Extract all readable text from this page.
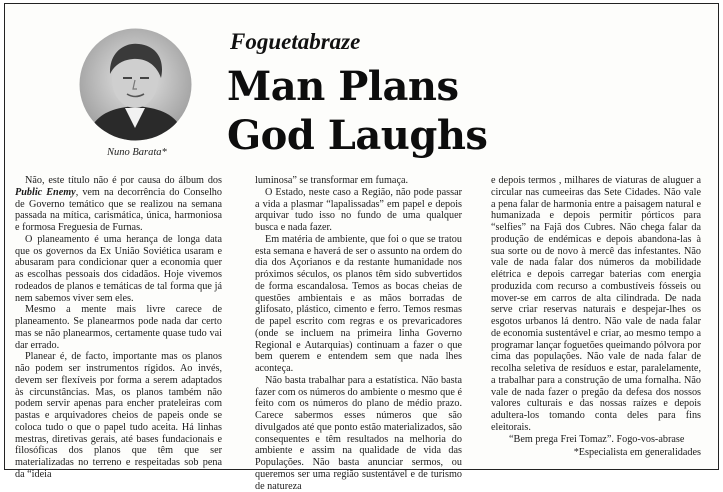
Nuno Barata*
Foguetabraze
Man Plans
God Laughs

Não, este título não é por causa do álbum dos Public Enemy, vem na decorrência do Conselho de Governo temático que se realizou na semana passada na mítica, carismática, única, harmoniosa e formosa Freguesia de Furnas.

O planeamento é uma herança de longa data que os governos da Ex União Soviética usaram e abusaram para condicionar quer a economia quer as escolhas pessoais dos cidadãos. Hoje vivemos rodeados de planos e temáticas de tal forma que já nem sabemos viver sem eles.

Mesmo a mente mais livre carece de planeamento. Se planearmos pode nada dar certo mas se não planearmos, certamente quase tudo vai dar errado.

Planear é, de facto, importante mas os planos não podem ser instrumentos rígidos. Ao invés, devem ser flexíveis por forma a serem adaptados às circunstâncias. Mas, os planos também não podem servir apenas para encher prateleiras com pastas e arquivadores cheios de papeis onde se coloca tudo o que o papel tudo aceita. Há linhas mestras, diretivas gerais, até bases fundacionais e filosóficas dos planos que têm que ser materializadas no terreno e respeitadas sob pena da “ideia

luminosa” se transformar em fumaça.

O Estado, neste caso a Região, não pode passar a vida a plasmar “lapalissadas” em papel e depois arquivar tudo isso no fundo de uma qualquer busca e nada fazer.

Em matéria de ambiente, que foi o que se tratou esta semana e haverá de ser o assunto na ordem do dia dos Açorianos e da restante humanidade nos próximos séculos, os planos têm sido subvertidos de forma escandalosa. Temos as bocas cheias de questões ambientais e as mãos borradas de glifosato, plástico, cimento e ferro. Temos resmas de papel escrito com regras e os prevaricadores (onde se incluem na primeira linha Governo Regional e Autarquias) continuam a fazer o que bem querem e entendem sem que nada lhes aconteça.

Não basta trabalhar para a estatística. Não basta fazer com os números do ambiente o mesmo que é feito com os números do plano de médio prazo. Carece sabermos esses números que são divulgados até que ponto estão materializados, são consequentes e têm resultados na melhoria do ambiente e assim na qualidade de vida das Populações. Não basta anunciar sermos, ou queremos ser uma região sustentável e de turismo de natureza

e depois termos , milhares de viaturas de aluguer a circular nas cumeeiras das Sete Cidades. Não vale a pena falar de harmonia entre a paisagem natural e humanizada e depois permitir pórticos para “selfies” na Fajã dos Cubres. Não chega falar da produção de endémicas e depois abandona-las à sua sorte ou de novo à mercê das infestantes. Não vale de nada falar dos números da mobilidade elétrica e depois carregar baterias com energia produzida com recurso a combustíveis fósseis ou mover-se em carros de alta cilindrada. De nada serve criar reservas naturais e despejar-lhes os esgotos urbanos lá dentro. Não vale de nada falar de economia sustentável e criar, ao mesmo tempo a programar lançar foguetões queimando pólvora por cima das populações. Não vale de nada falar de recolha seletiva de resíduos e estar, paralelamente, a trabalhar para a construção de uma fornalha. Não vale de nada fazer o pregão da defesa dos nossos valores culturais e das nossas raízes e depois adultera-los tomando conta deles para fins eleitorais.

“Bem prega Frei Tomaz”. Fogo-vos-abrase

*Especialista em generalidades
